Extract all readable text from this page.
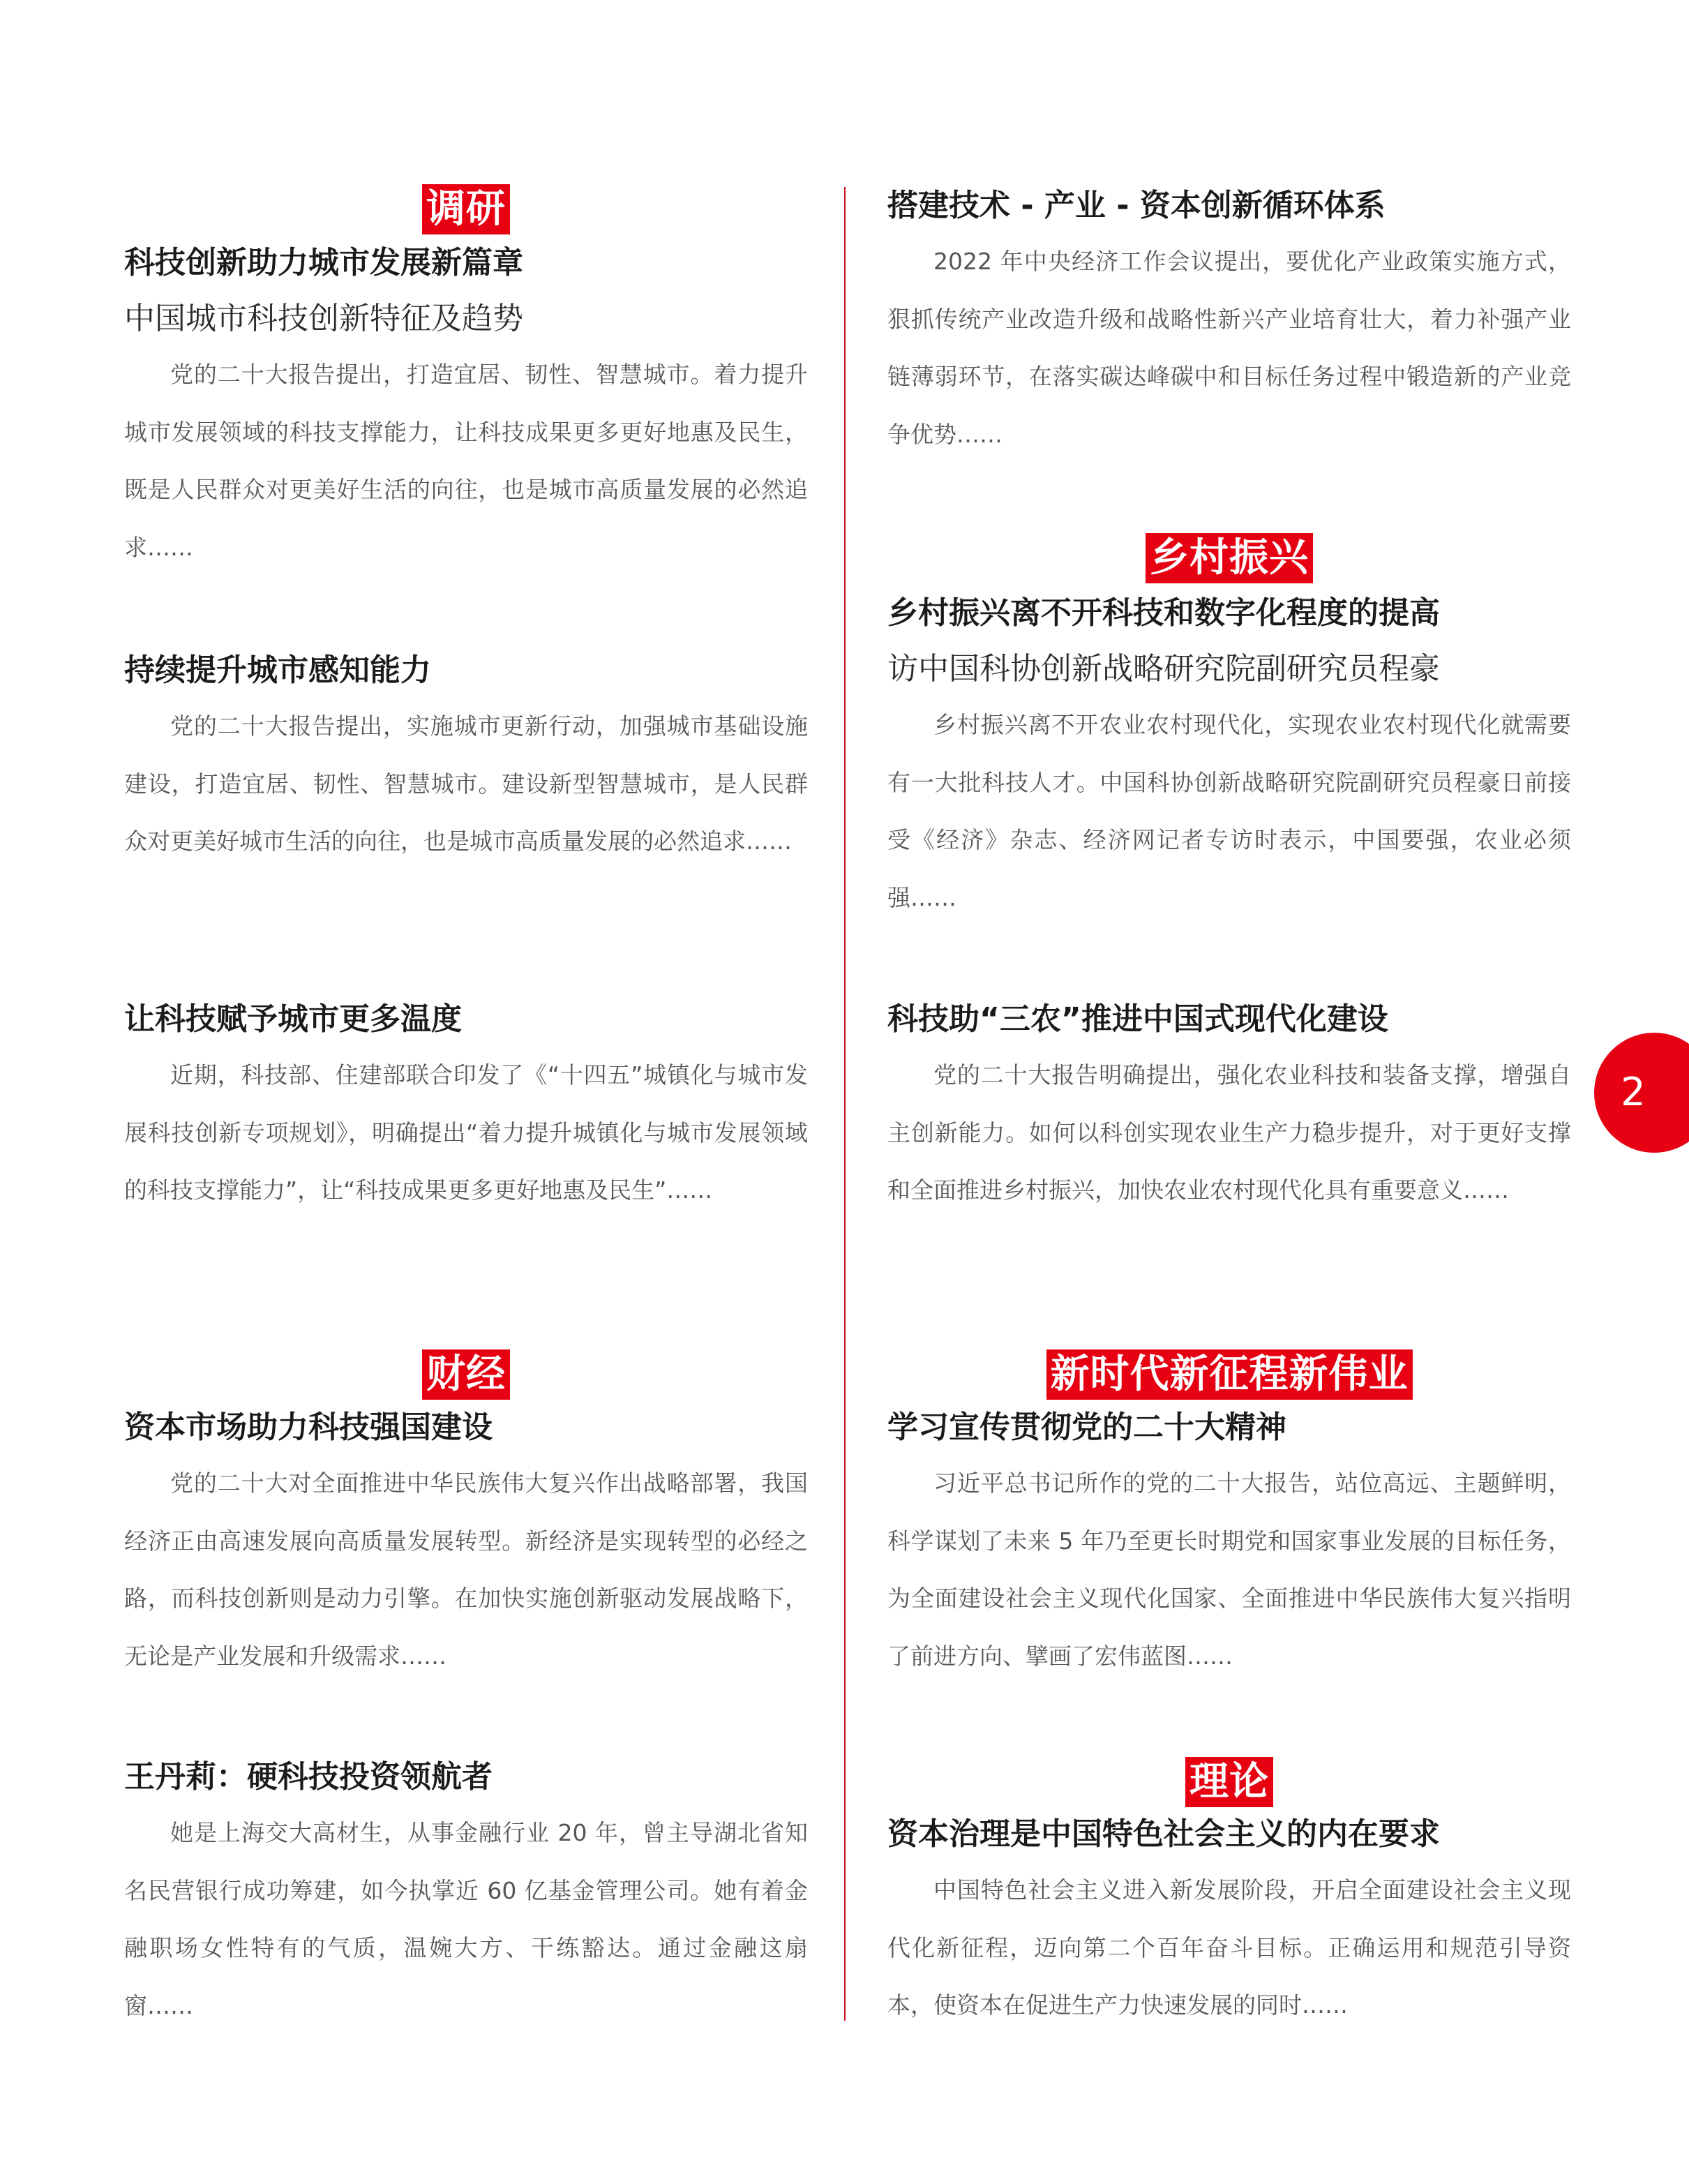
调研
科技创新助力城市发展新篇章
中国城市科技创新特征及趋势

党的二十大报告提出，打造宜居、韧性、智慧城市。着力提升城市发展领域的科技支撑能力，让科技成果更多更好地惠及民生，既是人民群众对更美好生活的向往，也是城市高质量发展的必然追求……

持续提升城市感知能力

党的二十大报告提出，实施城市更新行动，加强城市基础设施建设，打造宜居、韧性、智慧城市。建设新型智慧城市，是人民群众对更美好城市生活的向往，也是城市高质量发展的必然追求……

让科技赋予城市更多温度

近期，科技部、住建部联合印发了《“十四五”城镇化与城市发展科技创新专项规划》，明确提出“着力提升城镇化与城市发展领域的科技支撑能力”，让“科技成果更多更好地惠及民生”……

财经
资本市场助力科技强国建设

党的二十大对全面推进中华民族伟大复兴作出战略部署，我国经济正由高速发展向高质量发展转型。新经济是实现转型的必经之路，而科技创新则是动力引擎。在加快实施创新驱动发展战略下，无论是产业发展和升级需求……

王丹莉：硬科技投资领航者

她是上海交大高材生，从事金融行业 20 年，曾主导湖北省知名民营银行成功筹建，如今执掌近 60 亿基金管理公司。她有着金融职场女性特有的气质，温婉大方、干练豁达。通过金融这扇窗……

搭建技术 - 产业 - 资本创新循环体系

2022 年中央经济工作会议提出，要优化产业政策实施方式，狠抓传统产业改造升级和战略性新兴产业培育壮大，着力补强产业链薄弱环节，在落实碳达峰碳中和目标任务过程中锻造新的产业竞争优势……

乡村振兴
乡村振兴离不开科技和数字化程度的提高
访中国科协创新战略研究院副研究员程豪

乡村振兴离不开农业农村现代化，实现农业农村现代化就需要有一大批科技人才。中国科协创新战略研究院副研究员程豪日前接受《经济》杂志、经济网记者专访时表示，中国要强，农业必须强……

科技助“三农”推进中国式现代化建设

党的二十大报告明确提出，强化农业科技和装备支撑，增强自主创新能力。如何以科创实现农业生产力稳步提升，对于更好支撑和全面推进乡村振兴，加快农业农村现代化具有重要意义……

新时代新征程新伟业
学习宣传贯彻党的二十大精神

习近平总书记所作的党的二十大报告，站位高远、主题鲜明，科学谋划了未来 5 年乃至更长时期党和国家事业发展的目标任务，为全面建设社会主义现代化国家、全面推进中华民族伟大复兴指明了前进方向、擘画了宏伟蓝图……

理论
资本治理是中国特色社会主义的内在要求

中国特色社会主义进入新发展阶段，开启全面建设社会主义现代化新征程，迈向第二个百年奋斗目标。正确运用和规范引导资本，使资本在促进生产力快速发展的同时……

2
